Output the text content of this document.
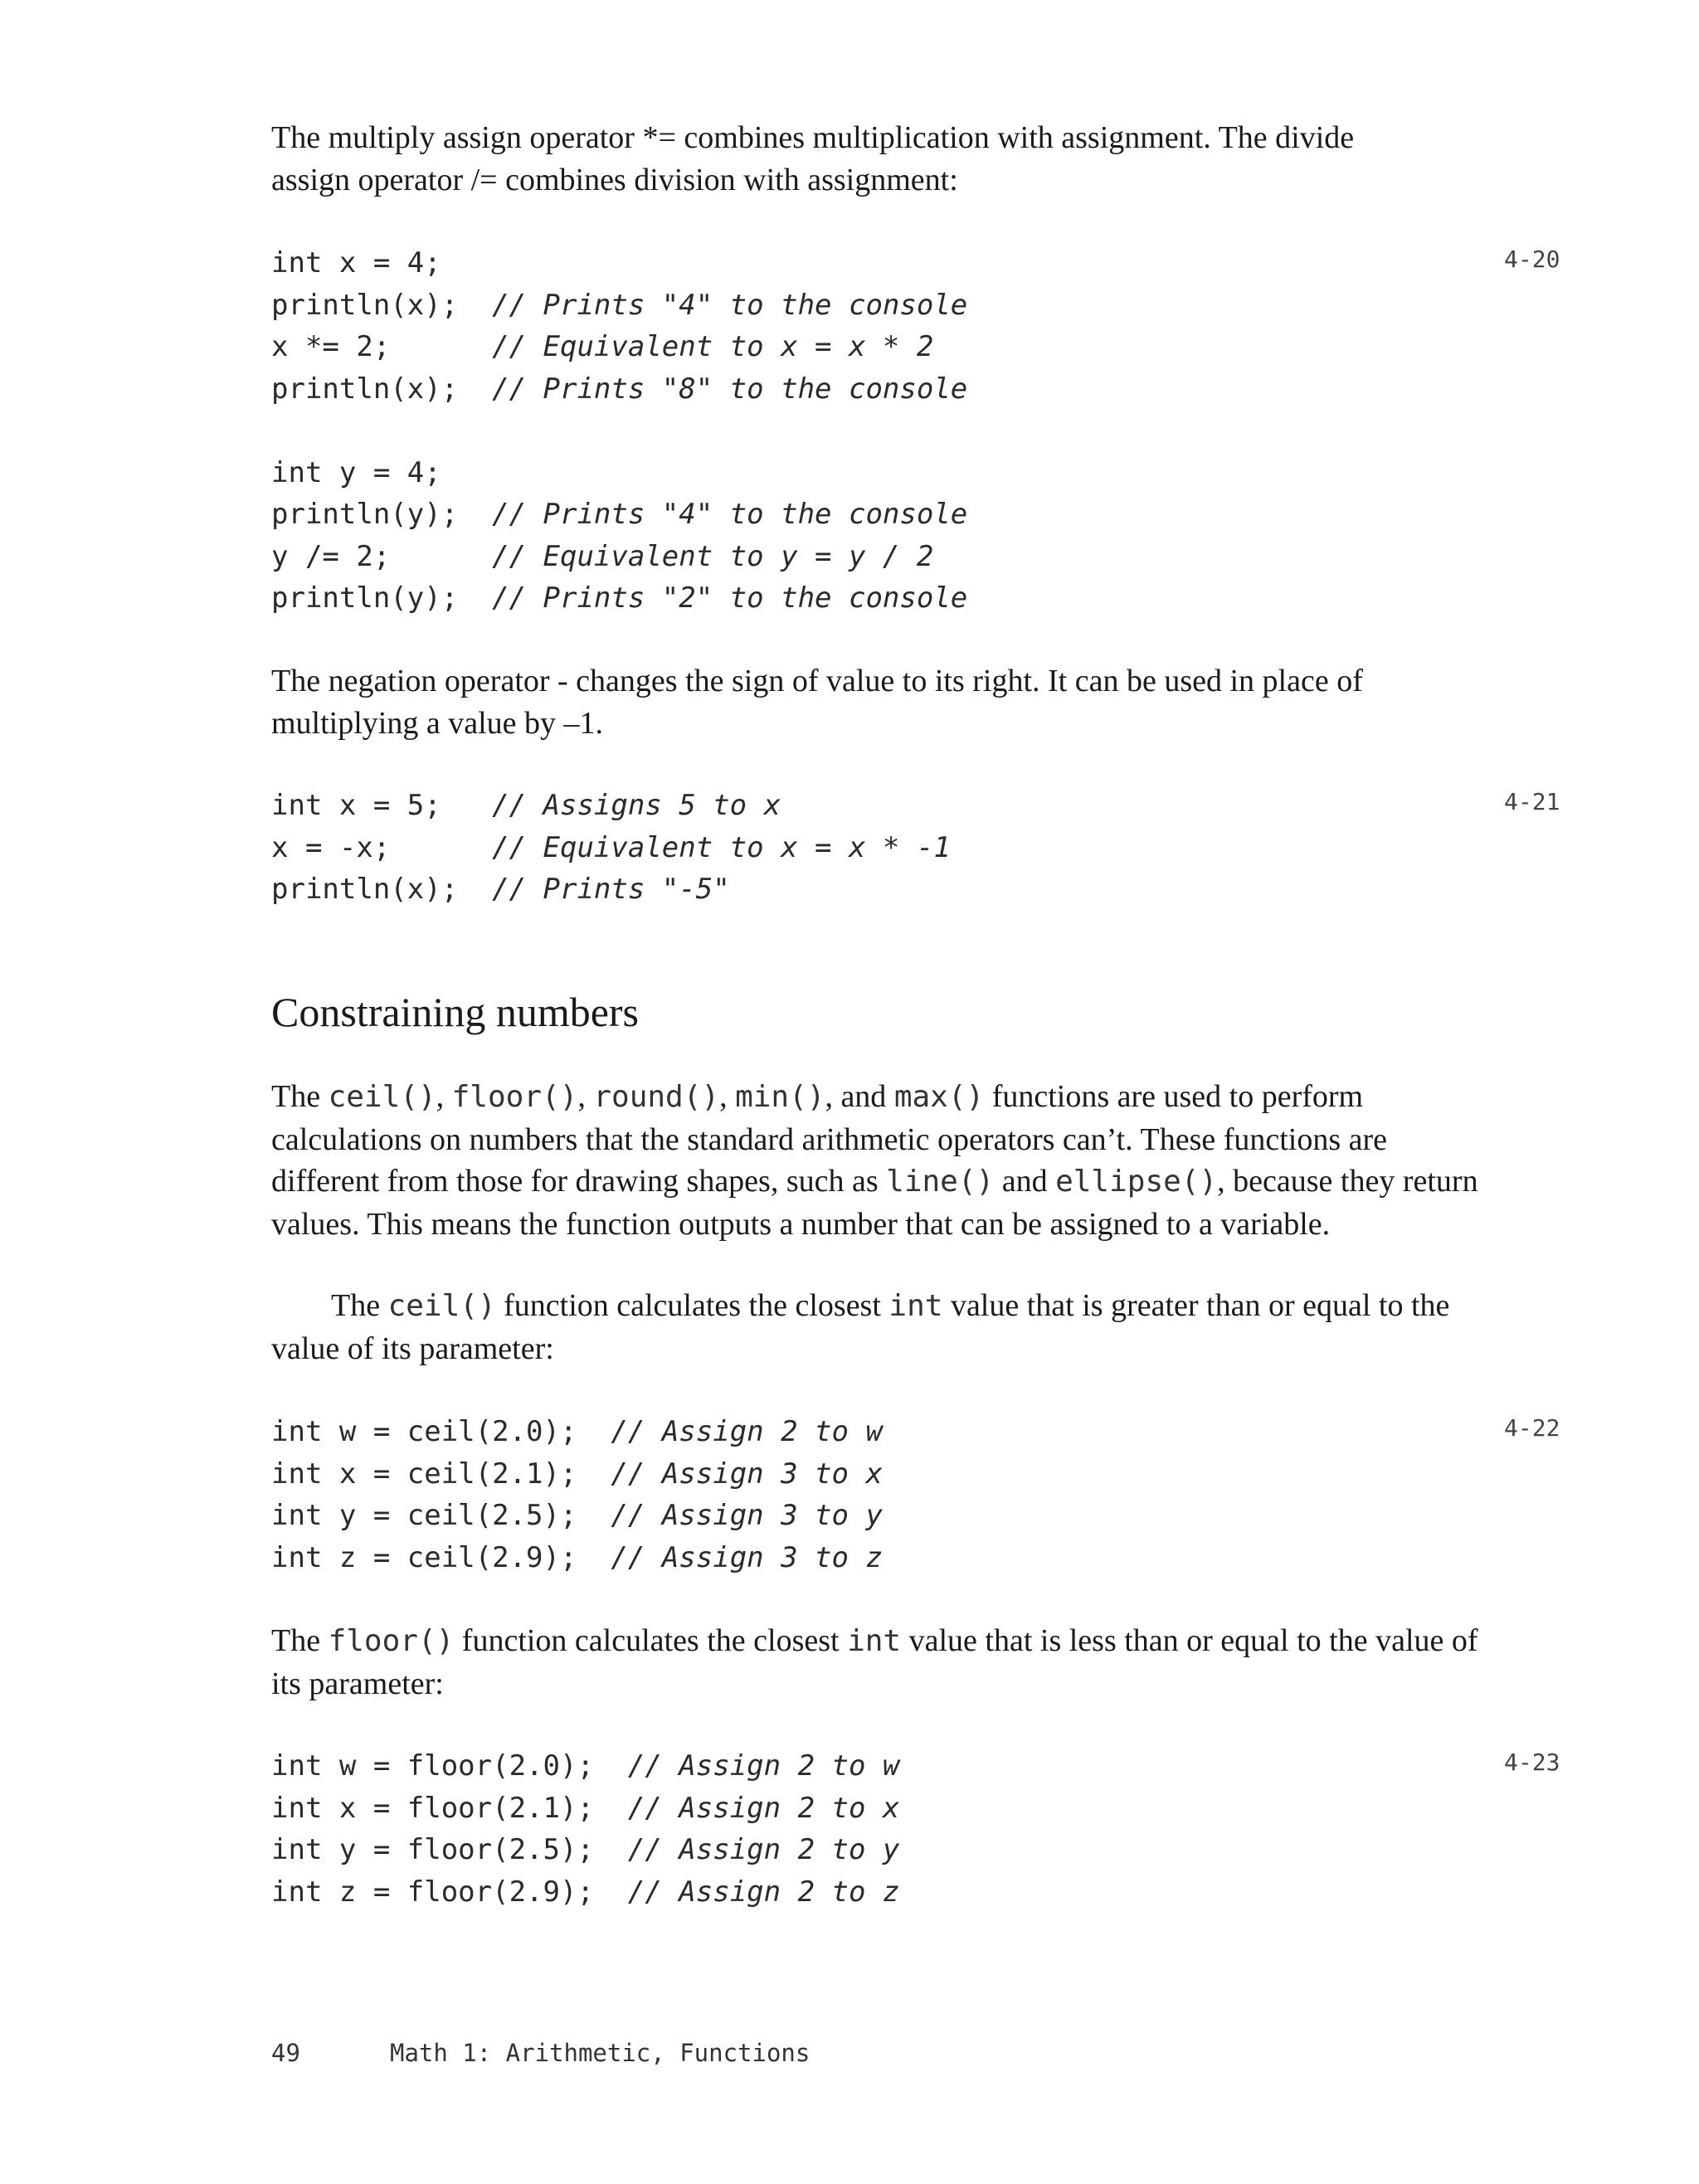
The multiply assign operator *= combines multiplication with assignment. The divide
assign operator /= combines division with assignment:
4-20
int x = 4;
println(x);  // Prints "4" to the console
x *= 2;      // Equivalent to x = x * 2
println(x);  // Prints "8" to the console
int y = 4;
println(y);  // Prints "4" to the console
y /= 2;      // Equivalent to y = y / 2
println(y);  // Prints "2" to the console
The negation operator - changes the sign of value to its right. It can be used in place of
multiplying a value by –1.
4-21
int x = 5;   // Assigns 5 to x
x = -x;      // Equivalent to x = x * -1
println(x);  // Prints "-5"
Constraining numbers
The ceil(), floor(), round(), min(), and max() functions are used to perform calculations on numbers that the standard arithmetic operators can’t. These functions are different from those for drawing shapes, such as line() and ellipse(), because they return values. This means the function outputs a number that can be assigned to a variable.
The ceil() function calculates the closest int value that is greater than or equal to the value of its parameter:
4-22
int w = ceil(2.0);  // Assign 2 to w
int x = ceil(2.1);  // Assign 3 to x
int y = ceil(2.5);  // Assign 3 to y
int z = ceil(2.9);  // Assign 3 to z
The floor() function calculates the closest int value that is less than or equal to the value of its parameter:
4-23
int w = floor(2.0);  // Assign 2 to w
int x = floor(2.1);  // Assign 2 to x
int y = floor(2.5);  // Assign 2 to y
int z = floor(2.9);  // Assign 2 to z
49	Math 1: Arithmetic, Functions
